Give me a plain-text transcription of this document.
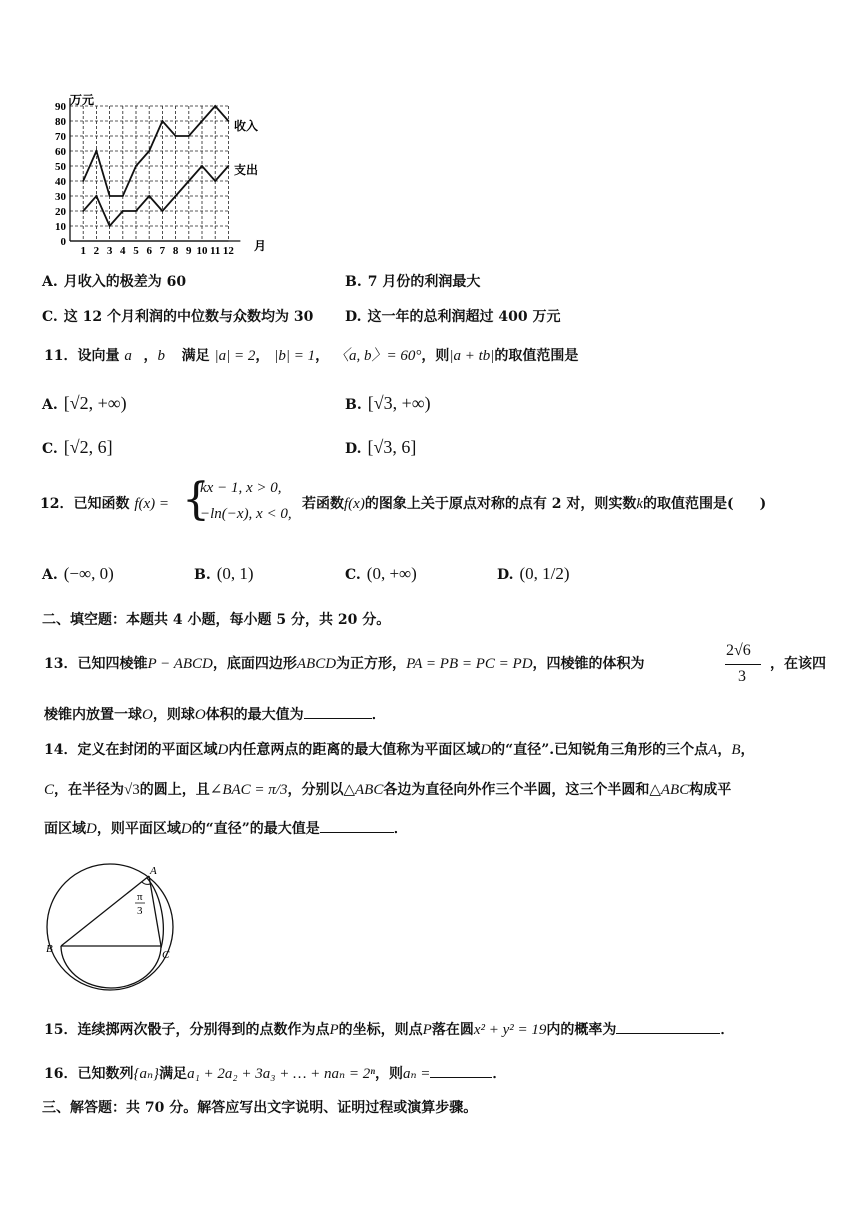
0
10
20
30
40
50
60
70
80
90
1 2 3 4 5 6 7 8 9 10 11 12
万元
月
收入
支出
A. 月收入的极差为 60	B. 7 月份的利润最大
C. 这 12 个月利润的中位数与众数均为 30 D. 这一年的总利润超过 400 万元
11．设向量 a⃗，b⃗ 满足 |a| = 2， |b| = 1， 〈a, b〉= 60°，则|a + tb|的取值范围是
A. [√2, +∞)	B. [√3, +∞)
C. [√2, 6]	D. [√3, 6]
12．已知函数 f(x) = {
kx − 1, x > 0,
−ln(−x), x < 0,
若函数f(x)的图象上关于原点对称的点有 2 对，则实数k的取值范围是( )
A. (−∞, 0)	B. (0, 1)	C. (0, +∞)	D. (0, 1/2)
二、填空题：本题共 4 小题，每小题 5 分，共 20 分。
13．已知四棱锥P − ABCD，底面四边形ABCD为正方形，PA = PB = PC = PD，四棱锥的体积为
2√6
3
，在该四
棱锥内放置一球O，则球O体积的最大值为	．
14．定义在封闭的平面区域D内任意两点的距离的最大值称为平面区域D的“直径”.已知锐角三角形的三个点A，B，
C，在半径为√3的圆上，且∠BAC = π/3，分别以△ABC各边为直径向外作三个半圆，这三个半圆和△ABC构成平
面区域D，则平面区域D的“直径”的最大值是	．
A
B	C
π
3
15．连续掷两次骰子，分别得到的点数作为点P的坐标，则点P落在圆x² + y² = 19内的概率为	．
16．已知数列{aₙ}满足a₁ + 2a₂ + 3a₃ + … + naₙ = 2ⁿ，则aₙ =	．
三、解答题：共 70 分。解答应写出文字说明、证明过程或演算步骤。
